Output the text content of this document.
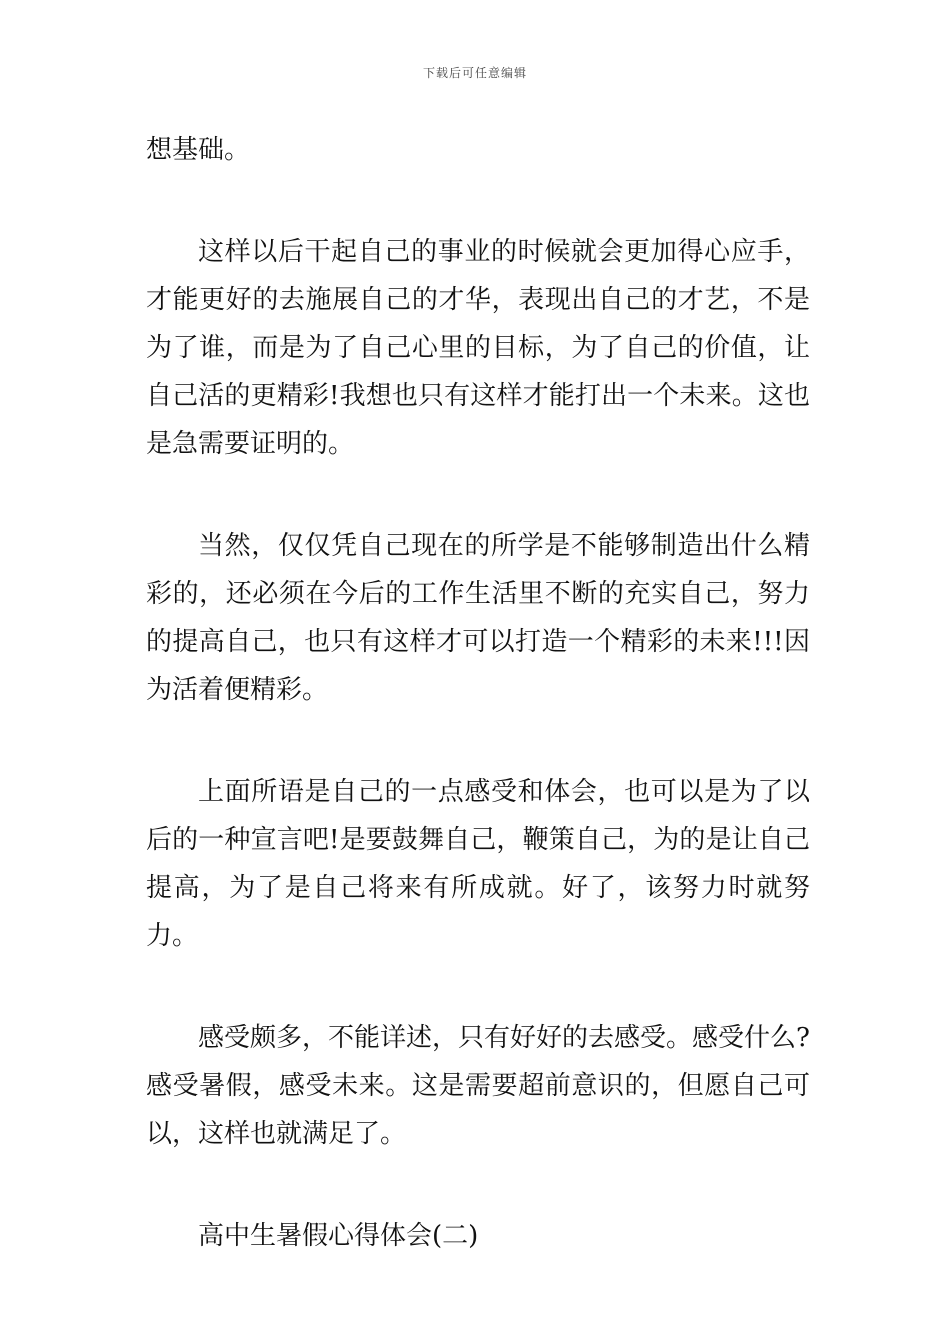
下载后可任意编辑

想基础。

这样以后干起自己的事业的时候就会更加得心应手，才能更好的去施展自己的才华，表现出自己的才艺，不是为了谁，而是为了自己心里的目标，为了自己的价值，让自己活的更精彩!我想也只有这样才能打出一个未来。这也是急需要证明的。

当然，仅仅凭自己现在的所学是不能够制造出什么精彩的，还必须在今后的工作生活里不断的充实自己，努力的提高自己，也只有这样才可以打造一个精彩的未来!!!因为活着便精彩。

上面所语是自己的一点感受和体会，也可以是为了以后的一种宣言吧!是要鼓舞自己，鞭策自己，为的是让自己提高，为了是自己将来有所成就。好了，该努力时就努力。

感受颇多，不能详述，只有好好的去感受。感受什么?感受暑假，感受未来。这是需要超前意识的，但愿自己可以，这样也就满足了。

高中生暑假心得体会(二)
